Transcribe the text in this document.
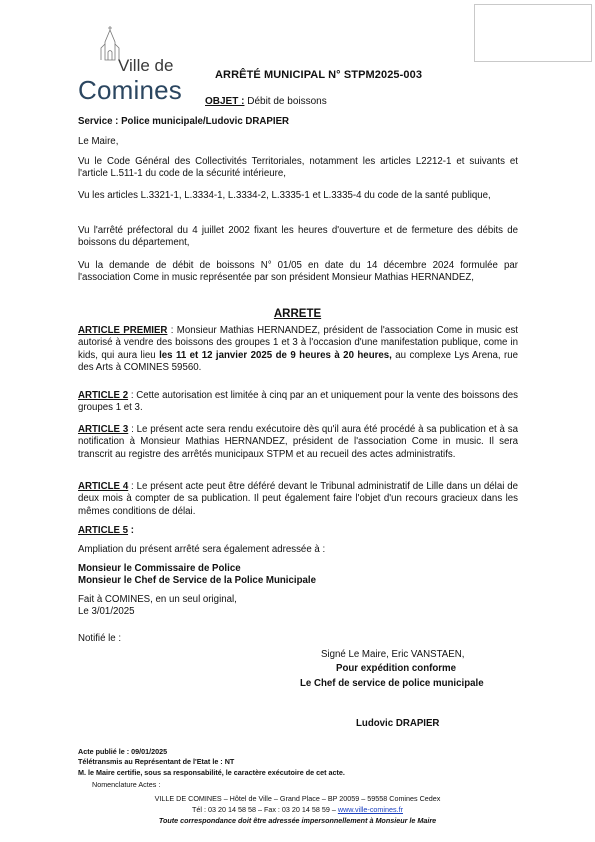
Ville de
Comines	ARRÊTÉ MUNICIPAL N° STPM2025-003
OBJET : Débit de boissons
Service : Police municipale/Ludovic DRAPIER
Le Maire,
Vu le Code Général des Collectivités Territoriales, notamment les articles L2212-1 et suivants et l'article L.511-1 du code de la sécurité intérieure,
Vu les articles L.3321-1, L.3334-1, L.3334-2, L.3335-1 et L.3335-4 du code de la santé publique,
Vu l'arrêté préfectoral du 4 juillet 2002 fixant les heures d'ouverture et de fermeture des débits de boissons du département,
Vu la demande de débit de boissons N° 01/05 en date du 14 décembre 2024 formulée par l'association Come in music représentée par son président Monsieur Mathias HERNANDEZ,
ARRETE
ARTICLE PREMIER : Monsieur Mathias HERNANDEZ, président de l'association Come in music est autorisé à vendre des boissons des groupes 1 et 3 à l'occasion d'une manifestation publique, come in kids, qui aura lieu les 11 et 12 janvier 2025 de 9 heures à 20 heures, au complexe Lys Arena, rue des Arts à COMINES 59560.
ARTICLE 2 : Cette autorisation est limitée à cinq par an et uniquement pour la vente des boissons des groupes 1 et 3.
ARTICLE 3 : Le présent acte sera rendu exécutoire dès qu'il aura été procédé à sa publication et à sa notification à Monsieur Mathias HERNANDEZ, président de l'association Come in music. Il sera transcrit au registre des arrêtés municipaux STPM et au recueil des actes administratifs.
ARTICLE 4 : Le présent acte peut être déféré devant le Tribunal administratif de Lille dans un délai de deux mois à compter de sa publication. Il peut également faire l'objet d'un recours gracieux dans les mêmes conditions de délai.
ARTICLE 5 :
Ampliation du présent arrêté sera également adressée à :
Monsieur le Commissaire de Police
Monsieur le Chef de Service de la Police Municipale
Fait à COMINES, en un seul original,
Le 3/01/2025
Notifié le :
Signé Le Maire, Eric VANSTAEN,
Pour expédition conforme
Le Chef de service de police municipale
Ludovic DRAPIER
Acte publié le : 09/01/2025
Télétransmis au Représentant de l'Etat le : NT
M. le Maire certifie, sous sa responsabilité, le caractère exécutoire de cet acte.
Nomenclature Actes :
VILLE DE COMINES – Hôtel de Ville – Grand Place – BP 20059 – 59558 Comines Cedex
Tél : 03 20 14 58 58 – Fax : 03 20 14 58 59 – www.ville-comines.fr
Toute correspondance doit être adressée impersonnellement à Monsieur le Maire
